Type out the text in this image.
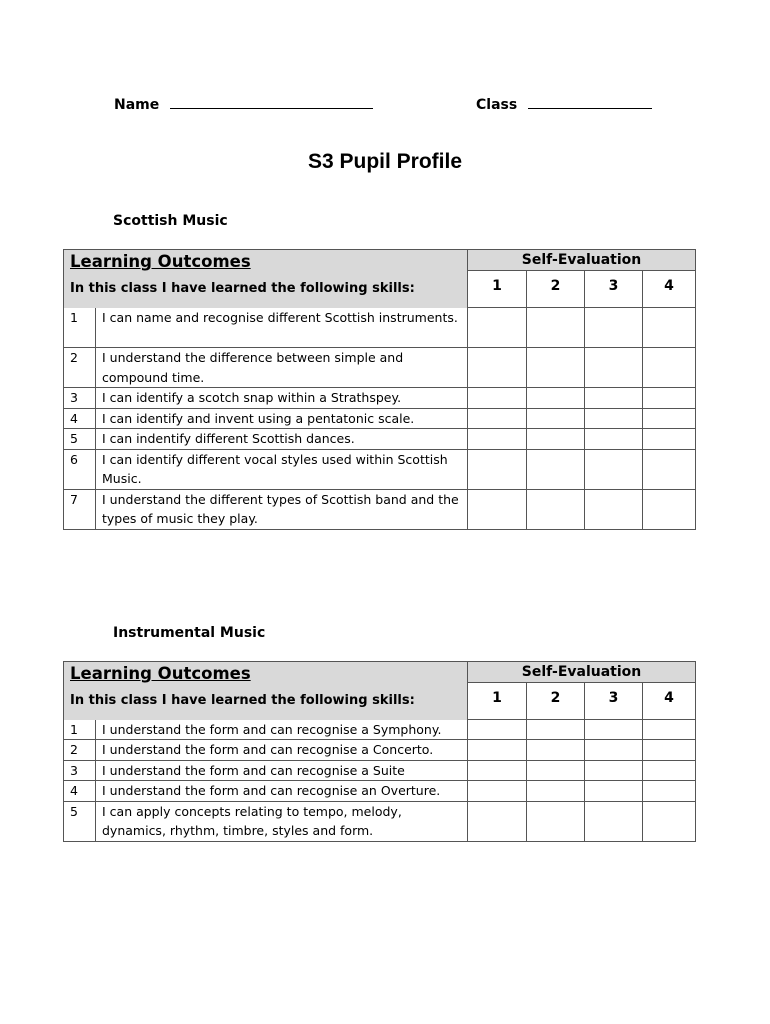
Name	Class
S3 Pupil Profile
Scottish Music
Learning Outcomes
In this class I have learned the following skills:		Self-Evaluation			

		1	2	3	4

1	I can name and recognise different Scottish instruments.				

2	I understand the difference between simple and compound time.				

3	I can identify a scotch snap within a Strathspey.				

4	I can identify and invent using a pentatonic scale.				

5	I can indentify different Scottish dances.				

6	I can identify different vocal styles used within Scottish Music.				

7	I understand the different types of Scottish band and the types of music they play.				

Instrumental Music
Learning Outcomes
In this class I have learned the following skills:		Self-Evaluation			

		1	2	3	4

1	I understand the form and can recognise a Symphony.				

2	I understand the form and can recognise a Concerto.				

3	I understand the form and can recognise a Suite				

4	I understand the form and can recognise an Overture.				

5	I can apply concepts relating to tempo, melody, dynamics, rhythm, timbre, styles and form.				
